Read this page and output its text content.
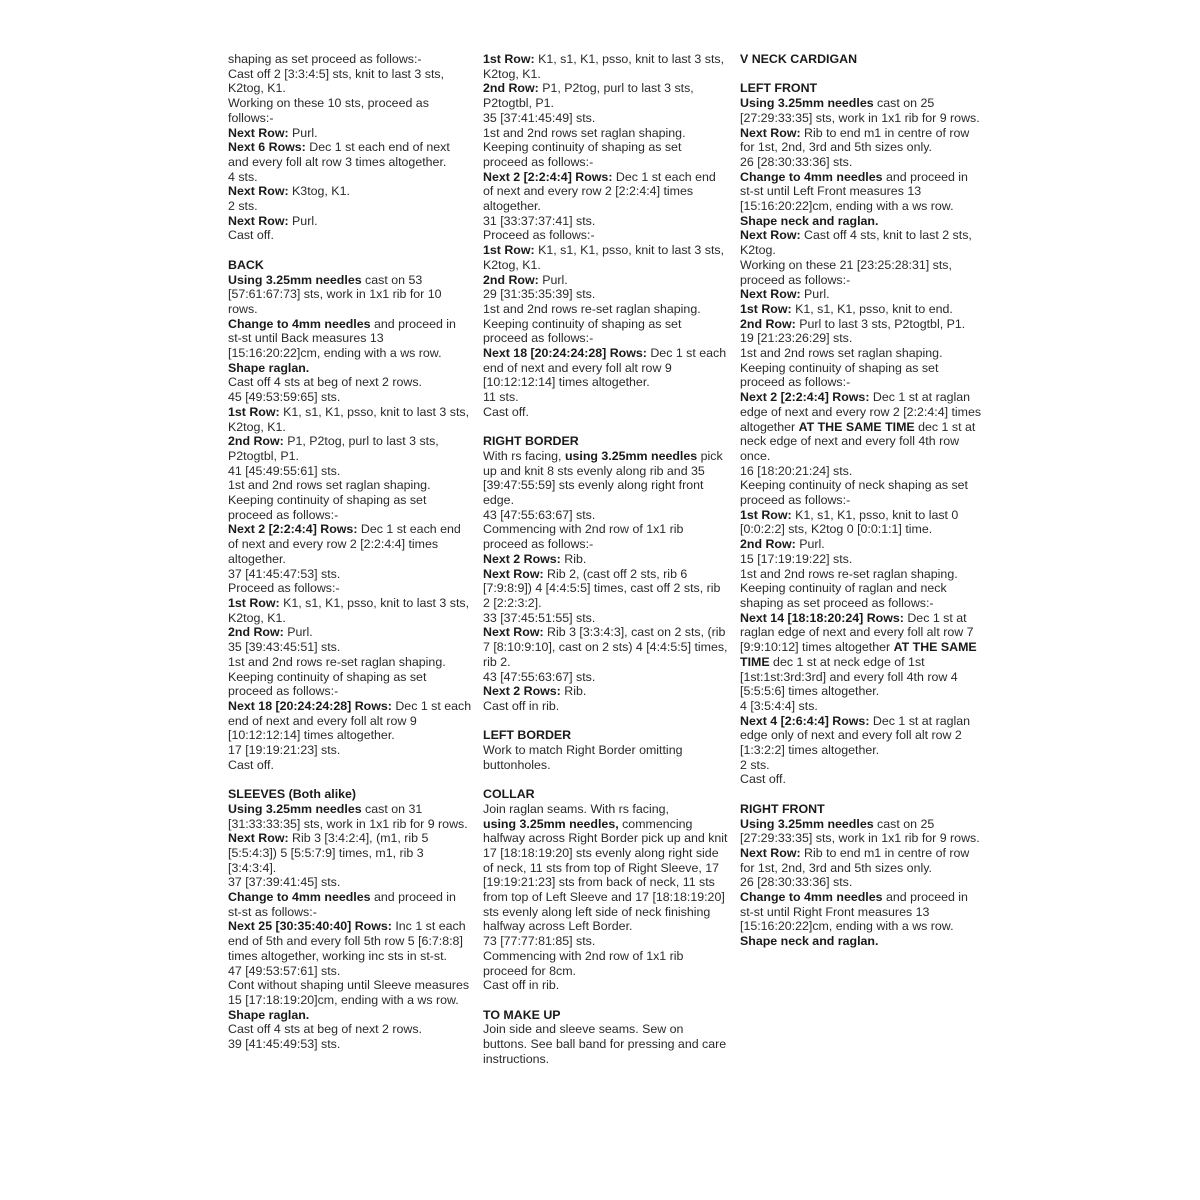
shaping as set proceed as follows:-

Cast off 2 [3:3:4:5] sts, knit to last 3 sts, K2tog, K1.

Working on these 10 sts, proceed as follows:-

Next Row: Purl.

Next 6 Rows: Dec 1 st each end of next and every foll alt row 3 times altogether.

4 sts.

Next Row: K3tog, K1.

2 sts.

Next Row: Purl.

Cast off.

BACK

Using 3.25mm needles cast on 53 [57:61:67:73] sts, work in 1x1 rib for 10 rows.

Change to 4mm needles and proceed in st-st until Back measures 13 [15:16:20:22]cm, ending with a ws row.

Shape raglan.

Cast off 4 sts at beg of next 2 rows.

45 [49:53:59:65] sts.

1st Row: K1, s1, K1, psso, knit to last 3 sts, K2tog, K1.

2nd Row: P1, P2tog, purl to last 3 sts, P2togtbl, P1.

41 [45:49:55:61] sts.

1st and 2nd rows set raglan shaping.

Keeping continuity of shaping as set proceed as follows:-

Next 2 [2:2:4:4] Rows: Dec 1 st each end of next and every row 2 [2:2:4:4] times altogether.

37 [41:45:47:53] sts.

Proceed as follows:-

1st Row: K1, s1, K1, psso, knit to last 3 sts, K2tog, K1.

2nd Row: Purl.

35 [39:43:45:51] sts.

1st and 2nd rows re-set raglan shaping.

Keeping continuity of shaping as set proceed as follows:-

Next 18 [20:24:24:28] Rows: Dec 1 st each end of next and every foll alt row 9 [10:12:12:14] times altogether.

17 [19:19:21:23] sts.

Cast off.

SLEEVES (Both alike)

Using 3.25mm needles cast on 31 [31:33:33:35] sts, work in 1x1 rib for 9 rows.

Next Row: Rib 3 [3:4:2:4], (m1, rib 5 [5:5:4:3]) 5 [5:5:7:9] times, m1, rib 3 [3:4:3:4].

37 [37:39:41:45] sts.

Change to 4mm needles and proceed in st-st as follows:-

Next 25 [30:35:40:40] Rows: Inc 1 st each end of 5th and every foll 5th row 5 [6:7:8:8] times altogether, working inc sts in st-st.

47 [49:53:57:61] sts.

Cont without shaping until Sleeve measures 15 [17:18:19:20]cm, ending with a ws row.

Shape raglan.

Cast off 4 sts at beg of next 2 rows.

39 [41:45:49:53] sts.

1st Row: K1, s1, K1, psso, knit to last 3 sts, K2tog, K1.

2nd Row: P1, P2tog, purl to last 3 sts, P2togtbl, P1.

35 [37:41:45:49] sts.

1st and 2nd rows set raglan shaping.

Keeping continuity of shaping as set proceed as follows:-

Next 2 [2:2:4:4] Rows: Dec 1 st each end of next and every row 2 [2:2:4:4] times altogether.

31 [33:37:37:41] sts.

Proceed as follows:-

1st Row: K1, s1, K1, psso, knit to last 3 sts, K2tog, K1.

2nd Row: Purl.

29 [31:35:35:39] sts.

1st and 2nd rows re-set raglan shaping.

Keeping continuity of shaping as set proceed as follows:-

Next 18 [20:24:24:28] Rows: Dec 1 st each end of next and every foll alt row 9 [10:12:12:14] times altogether.

11 sts.

Cast off.

RIGHT BORDER

With rs facing, using 3.25mm needles pick up and knit 8 sts evenly along rib and 35 [39:47:55:59] sts evenly along right front edge.

43 [47:55:63:67] sts.

Commencing with 2nd row of 1x1 rib proceed as follows:-

Next 2 Rows: Rib.

Next Row: Rib 2, (cast off 2 sts, rib 6 [7:9:8:9]) 4 [4:4:5:5] times, cast off 2 sts, rib 2 [2:2:3:2].

33 [37:45:51:55] sts.

Next Row: Rib 3 [3:3:4:3], cast on 2 sts, (rib 7 [8:10:9:10], cast on 2 sts) 4 [4:4:5:5] times, rib 2.

43 [47:55:63:67] sts.

Next 2 Rows: Rib.

Cast off in rib.

LEFT BORDER

Work to match Right Border omitting buttonholes.

COLLAR

Join raglan seams. With rs facing,

using 3.25mm needles, commencing halfway across Right Border pick up and knit 17 [18:18:19:20] sts evenly along right side of neck, 11 sts from top of Right Sleeve, 17 [19:19:21:23] sts from back of neck, 11 sts from top of Left Sleeve and 17 [18:18:19:20] sts evenly along left side of neck finishing halfway across Left Border.

73 [77:77:81:85] sts.

Commencing with 2nd row of 1x1 rib proceed for 8cm.

Cast off in rib.

TO MAKE UP

Join side and sleeve seams. Sew on buttons. See ball band for pressing and care instructions.

V NECK CARDIGAN

LEFT FRONT

Using 3.25mm needles cast on 25 [27:29:33:35] sts, work in 1x1 rib for 9 rows.

Next Row: Rib to end m1 in centre of row for 1st, 2nd, 3rd and 5th sizes only.

26 [28:30:33:36] sts.

Change to 4mm needles and proceed in st-st until Left Front measures 13 [15:16:20:22]cm, ending with a ws row.

Shape neck and raglan.

Next Row: Cast off 4 sts, knit to last 2 sts, K2tog.

Working on these 21 [23:25:28:31] sts, proceed as follows:-

Next Row: Purl.

1st Row: K1, s1, K1, psso, knit to end.

2nd Row: Purl to last 3 sts, P2togtbl, P1.

19 [21:23:26:29] sts.

1st and 2nd rows set raglan shaping.

Keeping continuity of shaping as set proceed as follows:-

Next 2 [2:2:4:4] Rows: Dec 1 st at raglan edge of next and every row 2 [2:2:4:4] times altogether AT THE SAME TIME dec 1 st at neck edge of next and every foll 4th row once.

16 [18:20:21:24] sts.

Keeping continuity of neck shaping as set proceed as follows:-

1st Row: K1, s1, K1, psso, knit to last 0 [0:0:2:2] sts, K2tog 0 [0:0:1:1] time.

2nd Row: Purl.

15 [17:19:19:22] sts.

1st and 2nd rows re-set raglan shaping.

Keeping continuity of raglan and neck shaping as set proceed as follows:-

Next 14 [18:18:20:24] Rows: Dec 1 st at raglan edge of next and every foll alt row 7 [9:9:10:12] times altogether AT THE SAME TIME dec 1 st at neck edge of 1st [1st:1st:3rd:3rd] and every foll 4th row 4 [5:5:5:6] times altogether.

4 [3:5:4:4] sts.

Next 4 [2:6:4:4] Rows: Dec 1 st at raglan edge only of next and every foll alt row 2 [1:3:2:2] times altogether.

2 sts.

Cast off.

RIGHT FRONT

Using 3.25mm needles cast on 25 [27:29:33:35] sts, work in 1x1 rib for 9 rows.

Next Row: Rib to end m1 in centre of row for 1st, 2nd, 3rd and 5th sizes only.

26 [28:30:33:36] sts.

Change to 4mm needles and proceed in st-st until Right Front measures 13 [15:16:20:22]cm, ending with a ws row.

Shape neck and raglan.
